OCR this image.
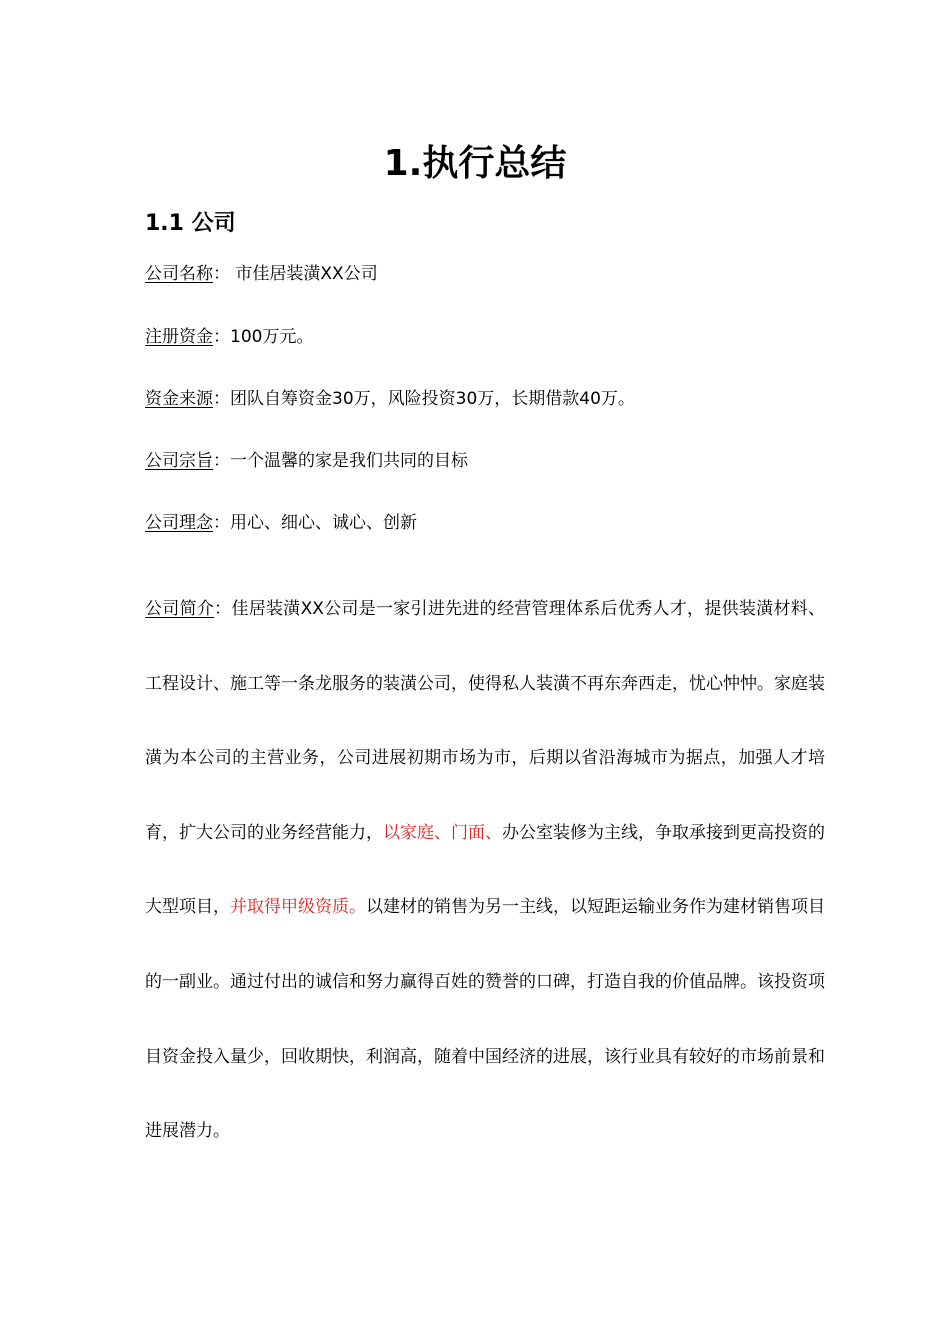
1.执行总结
1.1 公司
公司名称： 市佳居装潢XX公司
注册资金：100万元。
资金来源：团队自筹资金30万，风险投资30万，长期借款40万。
公司宗旨：一个温馨的家是我们共同的目标
公司理念：用心、细心、诚心、创新

公司简介：佳居装潢XX公司是一家引进先进的经营管理体系后优秀人才，提供装潢材料、工程设计、施工等一条龙服务的装潢公司，使得私人装潢不再东奔西走，忧心忡忡。家庭装潢为本公司的主营业务，公司进展初期市场为市，后期以省沿海城市为据点，加强人才培育，扩大公司的业务经营能力，以家庭、门面、办公室装修为主线，争取承接到更高投资的大型项目，并取得甲级资质。以建材的销售为另一主线，以短距运输业务作为建材销售项目的一副业。通过付出的诚信和努力赢得百姓的赞誉的口碑，打造自我的价值品牌。该投资项目资金投入量少，回收期快，利润高，随着中国经济的进展，该行业具有较好的市场前景和进展潜力。
